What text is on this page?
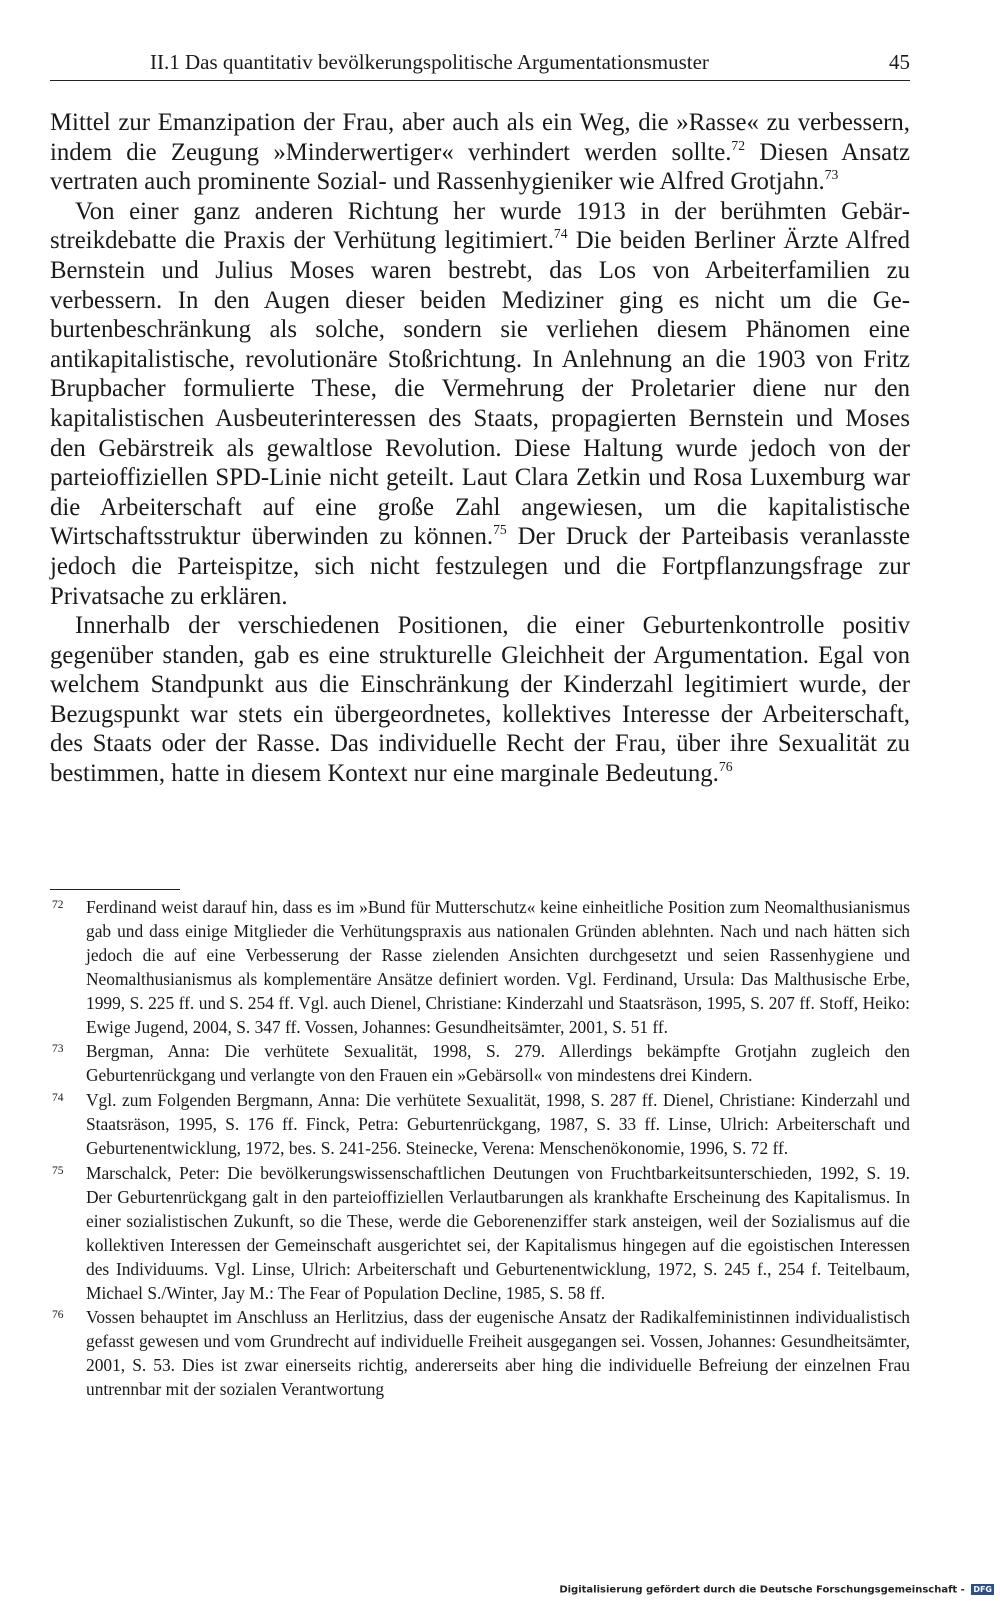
II.1 Das quantitativ bevölkerungspolitische Argumentationsmuster	45

Mittel zur Emanzipation der Frau, aber auch als ein Weg, die »Rasse« zu verbessern, indem die Zeugung »Minderwertiger« verhindert werden sollte.$^{72}$ Diesen Ansatz vertraten auch prominente Sozial- und Rassenhygieniker wie Alfred Grotjahn.$^{73}$

Von einer ganz anderen Richtung her wurde 1913 in der berühmten Gebärstreikdebatte die Praxis der Verhütung legitimiert.$^{74}$ Die beiden Berliner Ärzte Alfred Bernstein und Julius Moses waren bestrebt, das Los von Arbeiterfamilien zu verbessern. In den Augen dieser beiden Mediziner ging es nicht um die Geburtenbeschränkung als solche, sondern sie verliehen diesem Phänomen eine antikapitalistische, revolutionäre Stoßrichtung. In Anlehnung an die 1903 von Fritz Brupbacher formulierte These, die Vermehrung der Proletarier diene nur den kapitalistischen Ausbeuterinteressen des Staats, propagierten Bernstein und Moses den Gebärstreik als gewaltlose Revolution. Diese Haltung wurde jedoch von der parteioffiziellen SPD-Linie nicht geteilt. Laut Clara Zetkin und Rosa Luxemburg war die Arbeiterschaft auf eine große Zahl angewiesen, um die kapitalistische Wirtschaftsstruktur überwinden zu können.$^{75}$ Der Druck der Parteibasis veranlasste jedoch die Parteispitze, sich nicht festzulegen und die Fortpflanzungsfrage zur Privatsache zu erklären.

Innerhalb der verschiedenen Positionen, die einer Geburtenkontrolle positiv gegenüber standen, gab es eine strukturelle Gleichheit der Argumentation. Egal von welchem Standpunkt aus die Einschränkung der Kinderzahl legitimiert wurde, der Bezugspunkt war stets ein übergeordnetes, kollektives Interesse der Arbeiterschaft, des Staats oder der Rasse. Das individuelle Recht der Frau, über ihre Sexualität zu bestimmen, hatte in diesem Kontext nur eine marginale Bedeutung.$^{76}$

72 Ferdinand weist darauf hin, dass es im »Bund für Mutterschutz« keine einheitliche Position zum Neomalthusianismus gab und dass einige Mitglieder die Verhütungspraxis aus nationalen Gründen ablehnten. Nach und nach hätten sich jedoch die auf eine Verbesserung der Rasse zielenden Ansichten durchgesetzt und seien Rassenhygiene und Neomalthusianismus als komplementäre Ansätze definiert worden. Vgl. Ferdinand, Ursula: Das Malthusische Erbe, 1999, S. 225 ff. und S. 254 ff. Vgl. auch Dienel, Christiane: Kinderzahl und Staatsräson, 1995, S. 207 ff. Stoff, Heiko: Ewige Jugend, 2004, S. 347 ff. Vossen, Johannes: Gesundheitsämter, 2001, S. 51 ff.
73 Bergman, Anna: Die verhütete Sexualität, 1998, S. 279. Allerdings bekämpfte Grotjahn zugleich den Geburtenrückgang und verlangte von den Frauen ein »Gebärsoll« von mindestens drei Kindern.
74 Vgl. zum Folgenden Bergmann, Anna: Die verhütete Sexualität, 1998, S. 287 ff. Dienel, Christiane: Kinderzahl und Staatsräson, 1995, S. 176 ff. Finck, Petra: Geburtenrückgang, 1987, S. 33 ff. Linse, Ulrich: Arbeiterschaft und Geburtenentwicklung, 1972, bes. S. 241-256. Steinecke, Verena: Menschenökonomie, 1996, S. 72 ff.
75 Marschalck, Peter: Die bevölkerungswissenschaftlichen Deutungen von Fruchtbarkeitsunterschieden, 1992, S. 19. Der Geburtenrückgang galt in den parteioffiziellen Verlautbarungen als krankhafte Erscheinung des Kapitalismus. In einer sozialistischen Zukunft, so die These, werde die Geborenenziffer stark ansteigen, weil der Sozialismus auf die kollektiven Interessen der Gemeinschaft ausgerichtet sei, der Kapitalismus hingegen auf die egoistischen Interessen des Individuums. Vgl. Linse, Ulrich: Arbeiterschaft und Geburtenentwicklung, 1972, S. 245 f., 254 f. Teitelbaum, Michael S./Winter, Jay M.: The Fear of Population Decline, 1985, S. 58 ff.
76 Vossen behauptet im Anschluss an Herlitzius, dass der eugenische Ansatz der Radikalfeministinnen individualistisch gefasst gewesen und vom Grundrecht auf individuelle Freiheit ausgegangen sei. Vossen, Johannes: Gesundheitsämter, 2001, S. 53. Dies ist zwar einerseits richtig, andererseits aber hing die individuelle Befreiung der einzelnen Frau untrennbar mit der sozialen Verantwortung
Digitalisierung gefördert durch die Deutsche Forschungsgemeinschaft - DFG
